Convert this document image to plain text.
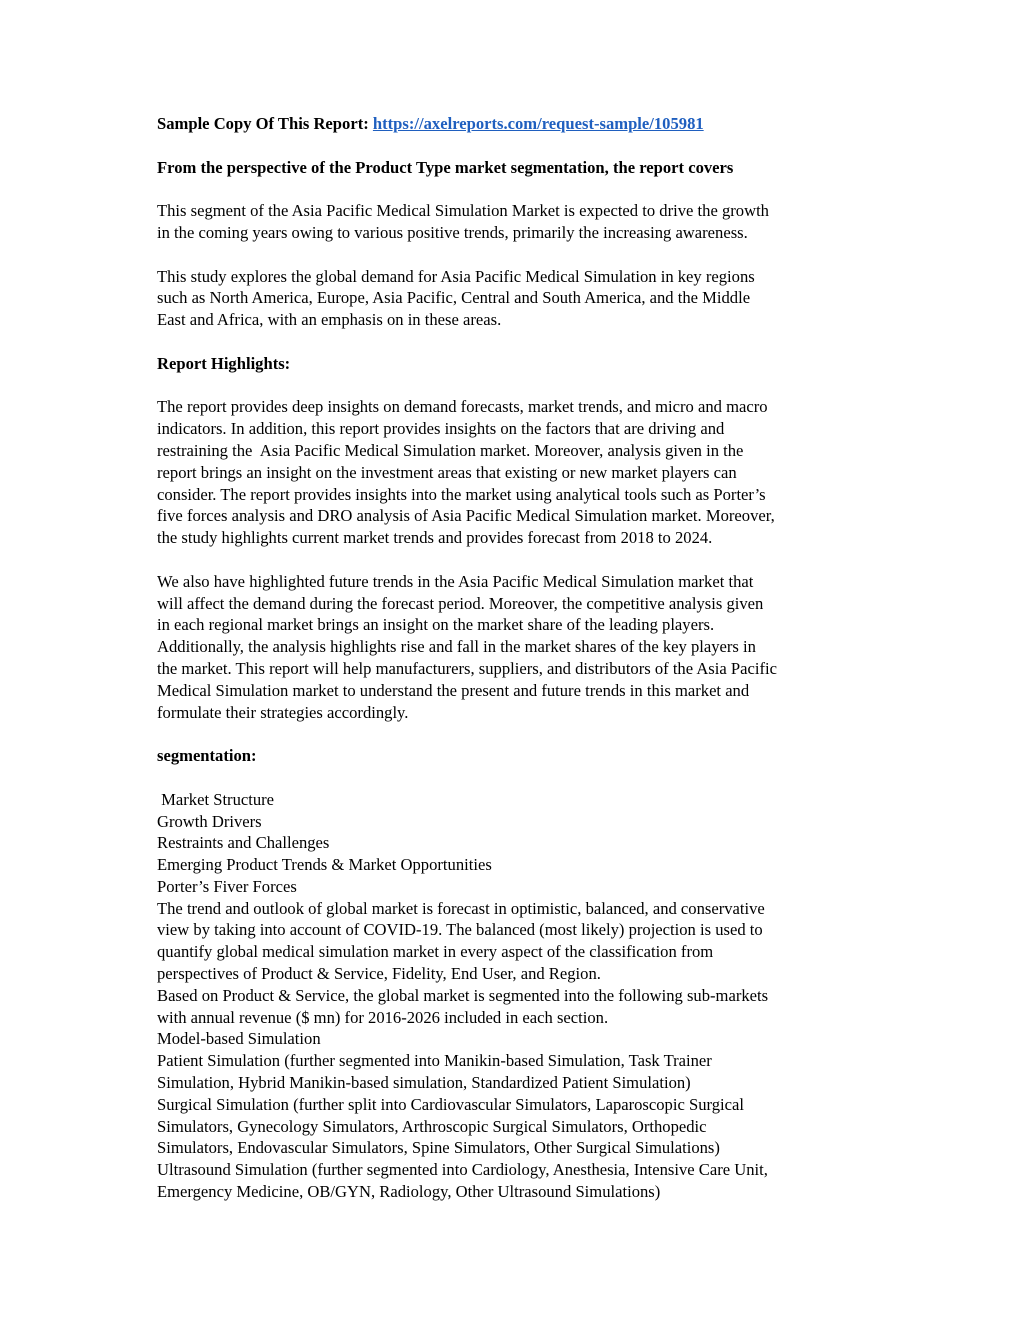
Sample Copy Of This Report: https://axelreports.com/request-sample/105981
From the perspective of the Product Type market segmentation, the report covers
This segment of the Asia Pacific Medical Simulation Market is expected to drive the growth
in the coming years owing to various positive trends, primarily the increasing awareness.
This study explores the global demand for Asia Pacific Medical Simulation in key regions
such as North America, Europe, Asia Pacific, Central and South America, and the Middle
East and Africa, with an emphasis on in these areas.
Report Highlights:
The report provides deep insights on demand forecasts, market trends, and micro and macro
indicators. In addition, this report provides insights on the factors that are driving and
restraining the  Asia Pacific Medical Simulation market. Moreover, analysis given in the
report brings an insight on the investment areas that existing or new market players can
consider. The report provides insights into the market using analytical tools such as Porter’s
five forces analysis and DRO analysis of Asia Pacific Medical Simulation market. Moreover,
the study highlights current market trends and provides forecast from 2018 to 2024.
We also have highlighted future trends in the Asia Pacific Medical Simulation market that
will affect the demand during the forecast period. Moreover, the competitive analysis given
in each regional market brings an insight on the market share of the leading players.
Additionally, the analysis highlights rise and fall in the market shares of the key players in
the market. This report will help manufacturers, suppliers, and distributors of the Asia Pacific
Medical Simulation market to understand the present and future trends in this market and
formulate their strategies accordingly.
segmentation:
Market Structure
Growth Drivers
Restraints and Challenges
Emerging Product Trends & Market Opportunities
Porter’s Fiver Forces
The trend and outlook of global market is forecast in optimistic, balanced, and conservative
view by taking into account of COVID-19. The balanced (most likely) projection is used to
quantify global medical simulation market in every aspect of the classification from
perspectives of Product & Service, Fidelity, End User, and Region.
Based on Product & Service, the global market is segmented into the following sub-markets
with annual revenue ($ mn) for 2016-2026 included in each section.
Model-based Simulation
Patient Simulation (further segmented into Manikin-based Simulation, Task Trainer
Simulation, Hybrid Manikin-based simulation, Standardized Patient Simulation)
Surgical Simulation (further split into Cardiovascular Simulators, Laparoscopic Surgical
Simulators, Gynecology Simulators, Arthroscopic Surgical Simulators, Orthopedic
Simulators, Endovascular Simulators, Spine Simulators, Other Surgical Simulations)
Ultrasound Simulation (further segmented into Cardiology, Anesthesia, Intensive Care Unit,
Emergency Medicine, OB/GYN, Radiology, Other Ultrasound Simulations)
